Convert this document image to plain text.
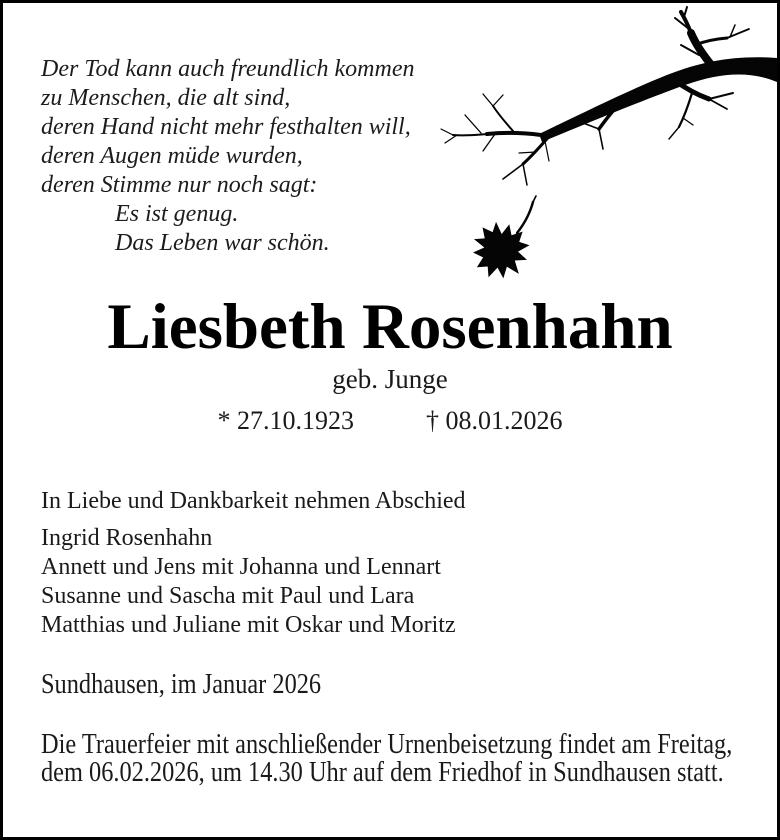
Der Tod kann auch freundlich kommen
zu Menschen, die alt sind,
deren Hand nicht mehr festhalten will,
deren Augen müde wurden,
deren Stimme nur noch sagt:
Es ist genug.
Das Leben war schön.
Liesbeth Rosenhahn
geb. Junge
* 27.10.1923	† 08.01.2026
In Liebe und Dankbarkeit nehmen Abschied
Ingrid Rosenhahn
Annett und Jens mit Johanna und Lennart
Susanne und Sascha mit Paul und Lara
Matthias und Juliane mit Oskar und Moritz
Sundhausen, im Januar 2026
Die Trauerfeier mit anschließender Urnenbeisetzung findet am Freitag,
dem 06.02.2026, um 14.30 Uhr auf dem Friedhof in Sundhausen statt.
